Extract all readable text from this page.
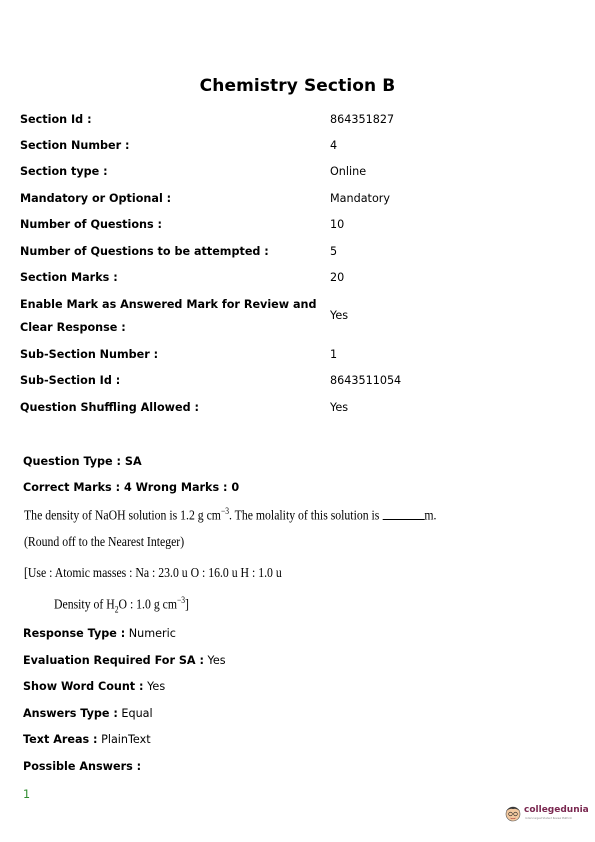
Chemistry Section B
Section Id :	864351827
Section Number :	4
Section type :	Online
Mandatory or Optional :	Mandatory
Number of Questions :	10
Number of Questions to be attempted :	5
Section Marks :	20
Enable Mark as Answered Mark for Review and
Clear Response :
Yes
Sub-Section Number :	1
Sub-Section Id :	8643511054
Question Shuffling Allowed :	Yes
Question Type : SA
Correct Marks : 4 Wrong Marks : 0
The density of NaOH solution is 1.2 g $cm^{-3}$. The molality of this solution is	m.
(Round off to the Nearest Integer)
[Use : Atomic masses : Na : 23.0 u O : 16.0 u H : 1.0 u
Density of $H_2O$ : 1.0 g $cm^{-3}$]
Response Type : Numeric
Evaluation Required For SA : Yes
Show Word Count : Yes
Answers Type : Equal
Text Areas : PlainText
Possible Answers :
1
collegedunia
India's largest Student Review Platform
